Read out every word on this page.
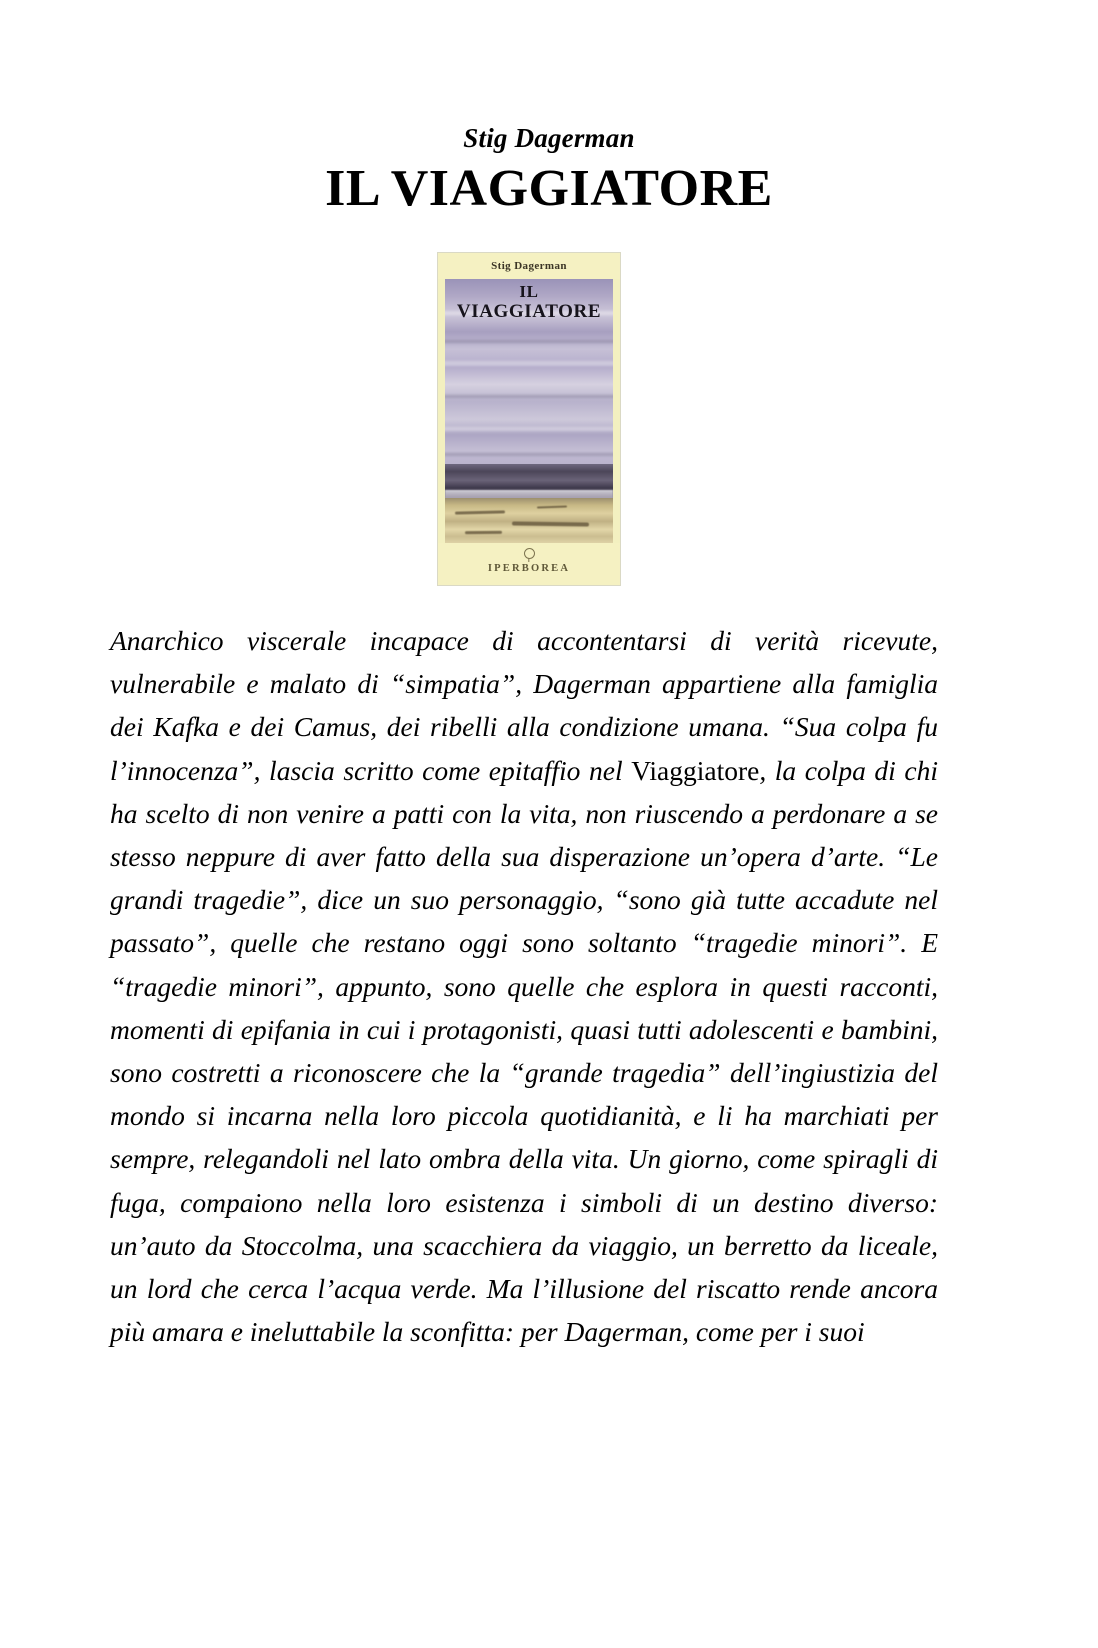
Stig Dagerman
IL VIAGGIATORE
Stig Dagerman
IL
VIAGGIATORE
IPERBOREA
Anarchico viscerale incapace di accontentarsi di verità ricevute, vulnerabile e malato di “simpatia”, Dagerman appartiene alla famiglia dei Kafka e dei Camus, dei ribelli alla condizione umana. “Sua colpa fu l’innocenza”, lascia scritto come epitaffio nel Viaggiatore, la colpa di chi ha scelto di non venire a patti con la vita, non riuscendo a perdonare a se stesso neppure di aver fatto della sua disperazione un’opera d’arte. “Le grandi tragedie”, dice un suo personaggio, “sono già tutte accadute nel passato”, quelle che restano oggi sono soltanto “tragedie minori”. E “tragedie minori”, appunto, sono quelle che esplora in questi racconti, momenti di epifania in cui i protagonisti, quasi tutti adolescenti e bambini, sono costretti a riconoscere che la “grande tragedia” dell’ingiustizia del mondo si incarna nella loro piccola quotidianità, e li ha marchiati per sempre, relegandoli nel lato ombra della vita. Un giorno, come spiragli di fuga, compaiono nella loro esistenza i simboli di un destino diverso: un’auto da Stoccolma, una scacchiera da viaggio, un berretto da liceale, un lord che cerca l’acqua verde. Ma l’illusione del riscatto rende ancora più amara e ineluttabile la sconfitta: per Dagerman, come per i suoi
